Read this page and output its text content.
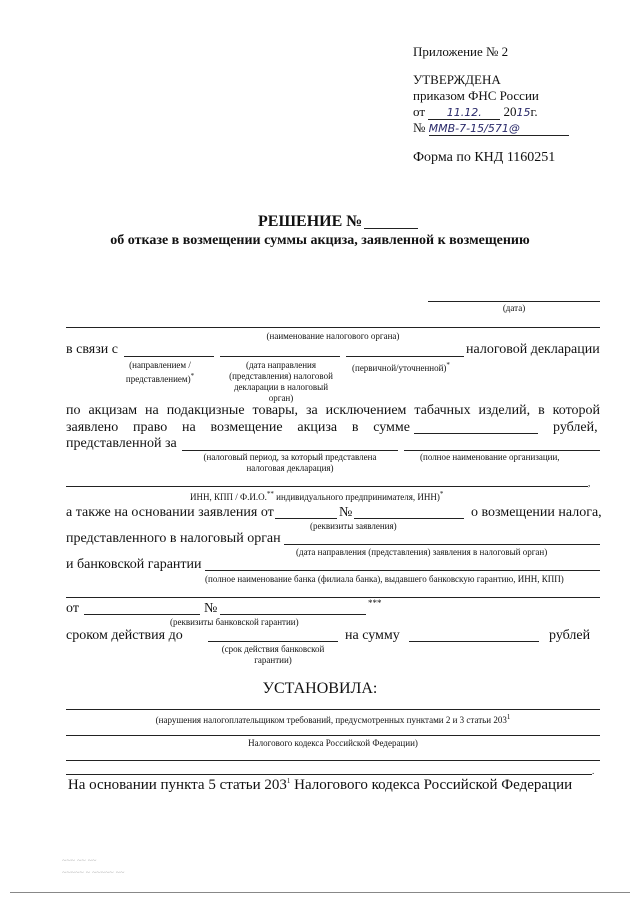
Приложение № 2
УТВЕРЖДЕНА
приказом ФНС России
от 11.12. 2015г.
№ ММВ-7-15/571@
Форма по КНД 1160251
РЕШЕНИЕ №
об отказе в возмещении суммы акциза, заявленной к возмещению
(дата)
(наименование налогового органа)
в связи с	налоговой декларации
(направлением /представлением)*
(дата направления (представления) налоговой декларации в налоговый орган)
(первичной/уточненной)*
по акцизам на подакцизные товары, за исключением табачных изделий, в которой
заявлено право на возмещение акциза в сумме	рублей,
представленной за
(налоговый период, за который представлена налоговая декларация)
(полное наименование организации,
,
ИНН, КПП / Ф.И.О.** индивидуального предпринимателя, ИНН)*
а также на основании заявления от	№	о возмещении налога,
(реквизиты заявления)
представленного в налоговый орган
(дата направления (представления) заявления в налоговый орган)
и банковской гарантии
(полное наименование банка (филиала банка), выдавшего банковскую гарантию, ИНН, КПП)
от	№	***
(реквизиты банковской гарантии)
сроком действия до	на сумму	рублей
(срок действия банковской гарантии)
УСТАНОВИЛА:
(нарушения налогоплательщиком требований, предусмотренных пунктами 2 и 3 статьи $203^1$
Налогового кодекса Российской Федерации)
.
На основании пункта 5 статьи $203^1$ Налогового кодекса Российской Федерации
~~~ ~~ ~~
~~~~~ ~ ~~~~~ ~~
